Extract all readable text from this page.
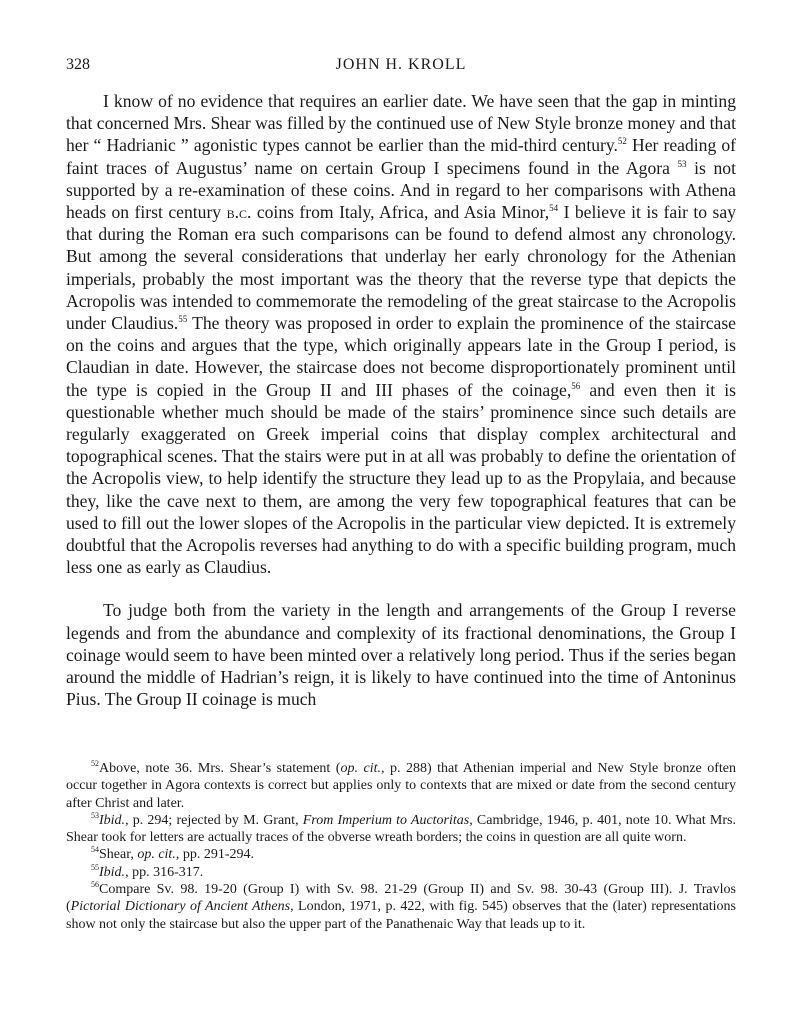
328	JOHN H. KROLL

I know of no evidence that requires an earlier date. We have seen that the gap in minting that concerned Mrs. Shear was filled by the continued use of New Style bronze money and that her “ Hadrianic ” agonistic types cannot be earlier than the mid-third century.$^{52}$ Her reading of faint traces of Augustus’ name on certain Group I specimens found in the Agora $^{53}$ is not supported by a re-examination of these coins. And in regard to her comparisons with Athena heads on first century b.c. coins from Italy, Africa, and Asia Minor,$^{54}$ I believe it is fair to say that during the Roman era such comparisons can be found to defend almost any chronology. But among the several considerations that underlay her early chronology for the Athenian imperials, probably the most important was the theory that the reverse type that depicts the Acropolis was intended to commemorate the remodeling of the great staircase to the Acropolis under Claudius.$^{55}$ The theory was proposed in order to explain the prominence of the staircase on the coins and argues that the type, which originally appears late in the Group I period, is Claudian in date. However, the staircase does not become disproportionately prominent until the type is copied in the Group II and III phases of the coinage,$^{56}$ and even then it is questionable whether much should be made of the stairs’ prominence since such details are regularly exaggerated on Greek imperial coins that display complex architectural and topographical scenes. That the stairs were put in at all was probably to define the orientation of the Acropolis view, to help identify the structure they lead up to as the Propylaia, and because they, like the cave next to them, are among the very few topographical features that can be used to fill out the lower slopes of the Acropolis in the particular view depicted. It is extremely doubtful that the Acropolis reverses had anything to do with a specific building program, much less one as early as Claudius.

To judge both from the variety in the length and arrangements of the Group I reverse legends and from the abundance and complexity of its fractional denominations, the Group I coinage would seem to have been minted over a relatively long period. Thus if the series began around the middle of Hadrian’s reign, it is likely to have continued into the time of Antoninus Pius. The Group II coinage is much

$^{52}$Above, note 36. Mrs. Shear’s statement (op. cit., p. 288) that Athenian imperial and New Style bronze often occur together in Agora contexts is correct but applies only to contexts that are mixed or date from the second century after Christ and later.

$^{53}$Ibid., p. 294; rejected by M. Grant, From Imperium to Auctoritas, Cambridge, 1946, p. 401, note 10. What Mrs. Shear took for letters are actually traces of the obverse wreath borders; the coins in question are all quite worn.

$^{54}$Shear, op. cit., pp. 291-294.

$^{55}$Ibid., pp. 316-317.

$^{56}$Compare Sv. 98. 19-20 (Group I) with Sv. 98. 21-29 (Group II) and Sv. 98. 30-43 (Group III). J. Travlos (Pictorial Dictionary of Ancient Athens, London, 1971, p. 422, with fig. 545) observes that the (later) representations show not only the staircase but also the upper part of the Panathenaic Way that leads up to it.
